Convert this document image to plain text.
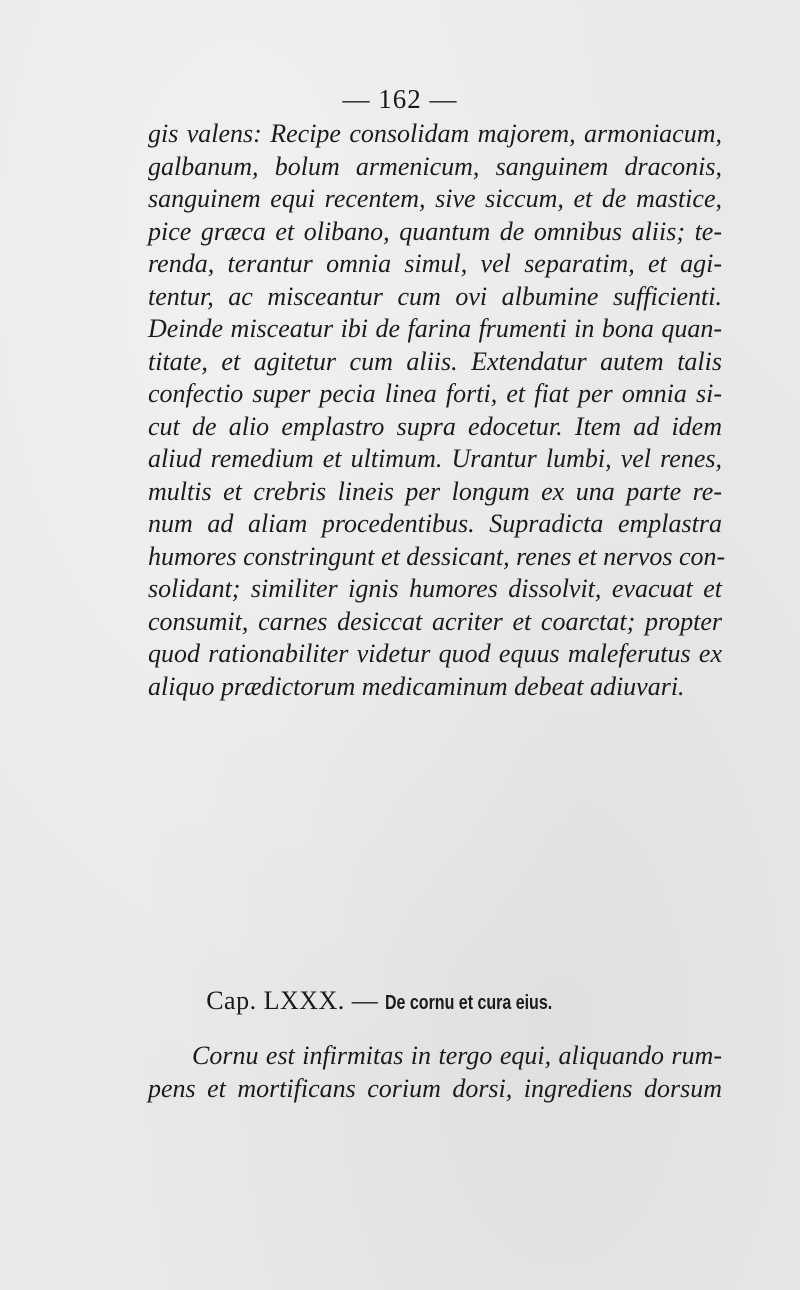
— 162 —
gis valens: Recipe consolidam majorem, armoniacum,
galbanum, bolum armenicum, sanguinem draconis,
sanguinem equi recentem, sive siccum, et de mastice,
pice græca et olibano, quantum de omnibus aliis; te-
renda, terantur omnia simul, vel separatim, et agi-
tentur, ac misceantur cum ovi albumine sufficienti.
Deinde misceatur ibi de farina frumenti in bona quan-
titate, et agitetur cum aliis. Extendatur autem talis
confectio super pecia linea forti, et fiat per omnia si-
cut de alio emplastro supra edocetur. Item ad idem
aliud remedium et ultimum. Urantur lumbi, vel renes,
multis et crebris lineis per longum ex una parte re-
num ad aliam procedentibus. Supradicta emplastra
humores constringunt et dessicant, renes et nervos con-
solidant; similiter ignis humores dissolvit, evacuat et
consumit, carnes desiccat acriter et coarctat; propter
quod rationabiliter videtur quod equus maleferutus ex
aliquo prædictorum medicaminum debeat adiuvari.
Cap. LXXX. — De cornu et cura eius.
Cornu est infirmitas in tergo equi, aliquando rum-
pens et mortificans corium dorsi, ingrediens dorsum
